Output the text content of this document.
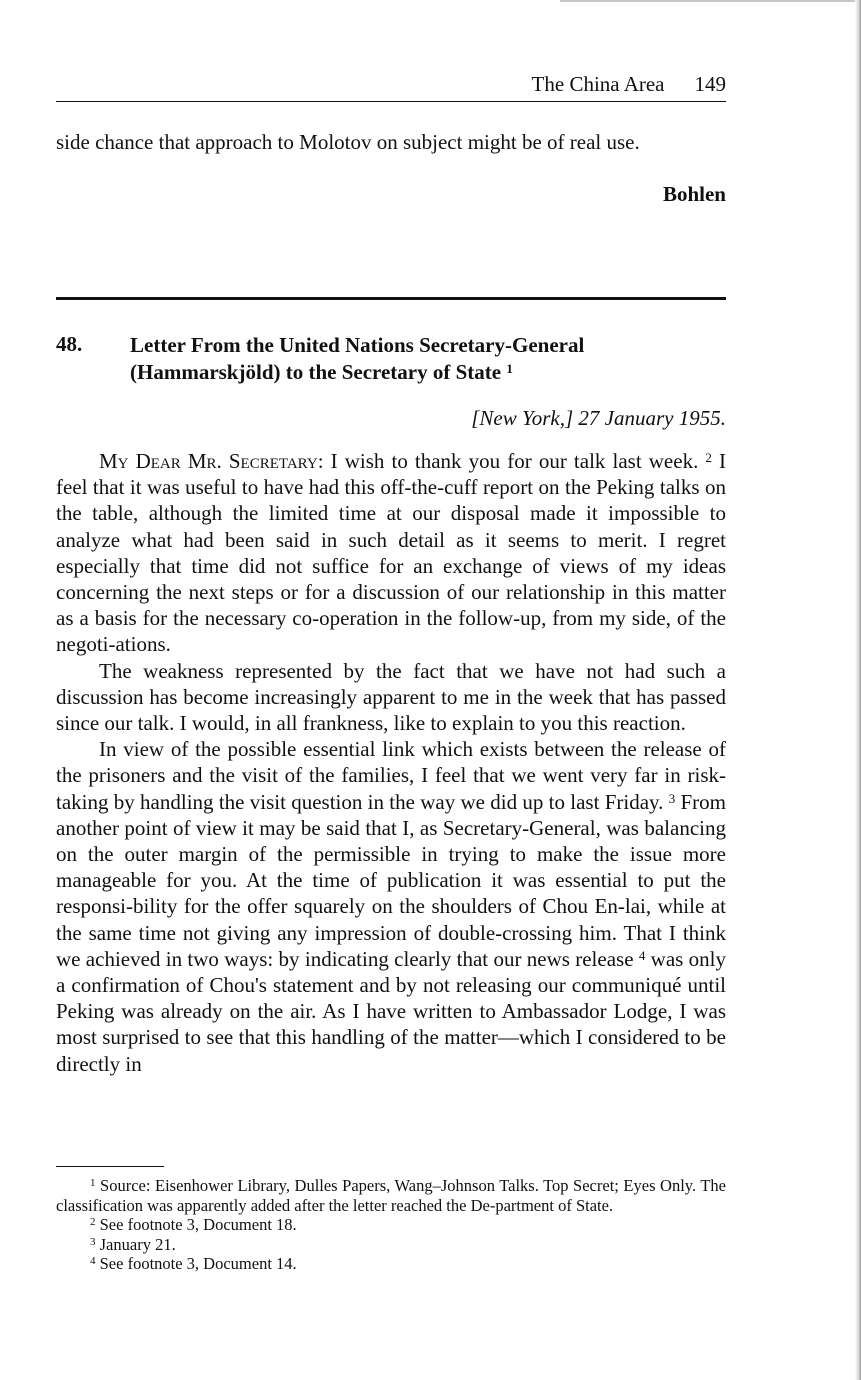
The China Area 149

side chance that approach to Molotov on subject might be of real use.

Bohlen
48. Letter From the United Nations Secretary-General
(Hammarskjöld) to the Secretary of State $^1$
[New York,] 27 January 1955.

My Dear Mr. Secretary: I wish to thank you for our talk last week. $^2$ I feel that it was useful to have had this off-the-cuff report on the Peking talks on the table, although the limited time at our disposal made it impossible to analyze what had been said in such detail as it seems to merit. I regret especially that time did not suffice for an exchange of views of my ideas concerning the next steps or for a discussion of our relationship in this matter as a basis for the necessary co-operation in the follow-up, from my side, of the negoti-ations.

The weakness represented by the fact that we have not had such a discussion has become increasingly apparent to me in the week that has passed since our talk. I would, in all frankness, like to explain to you this reaction.

In view of the possible essential link which exists between the release of the prisoners and the visit of the families, I feel that we went very far in risk-taking by handling the visit question in the way we did up to last Friday. $^3$ From another point of view it may be said that I, as Secretary-General, was balancing on the outer margin of the permissible in trying to make the issue more manageable for you. At the time of publication it was essential to put the responsi-bility for the offer squarely on the shoulders of Chou En-lai, while at the same time not giving any impression of double-crossing him. That I think we achieved in two ways: by indicating clearly that our news release $^4$ was only a confirmation of Chou's statement and by not releasing our communiqué until Peking was already on the air. As I have written to Ambassador Lodge, I was most surprised to see that this handling of the matter—which I considered to be directly in

$^1$ Source: Eisenhower Library, Dulles Papers, Wang–Johnson Talks. Top Secret; Eyes Only. The classification was apparently added after the letter reached the De-partment of State.

$^2$ See footnote 3, Document 18.

$^3$ January 21.

$^4$ See footnote 3, Document 14.
